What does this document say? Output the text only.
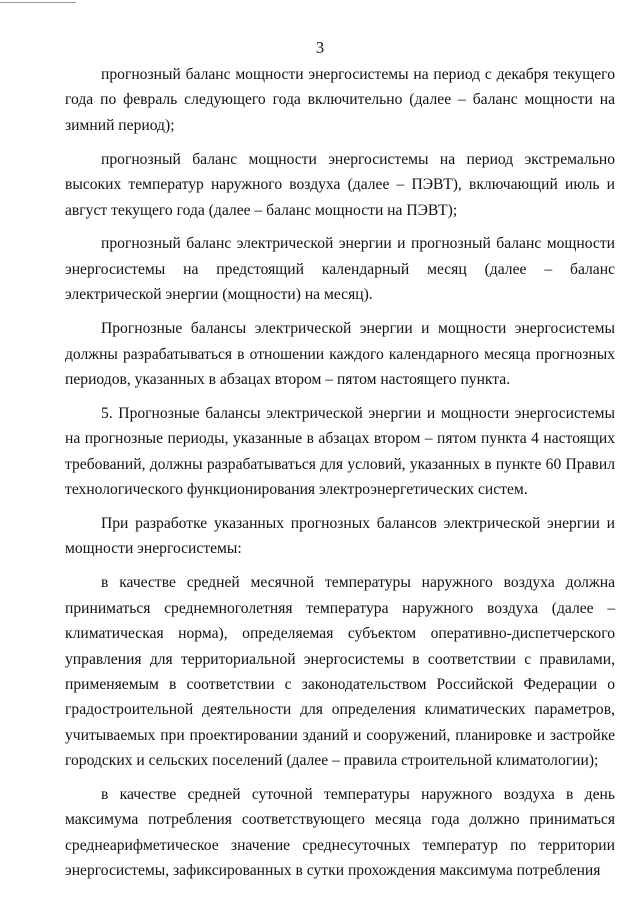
3

прогнозный баланс мощности энергосистемы на период с декабря текущего года по февраль следующего года включительно (далее – баланс мощности на зимний период);

прогнозный баланс мощности энергосистемы на период экстремально высоких температур наружного воздуха (далее – ПЭВТ), включающий июль и август текущего года (далее – баланс мощности на ПЭВТ);

прогнозный баланс электрической энергии и прогнозный баланс мощности энергосистемы на предстоящий календарный месяц (далее – баланс электрической энергии (мощности) на месяц).

Прогнозные балансы электрической энергии и мощности энергосистемы должны разрабатываться в отношении каждого календарного месяца прогнозных периодов, указанных в абзацах втором – пятом настоящего пункта.

5. Прогнозные балансы электрической энергии и мощности энергосистемы на прогнозные периоды, указанные в абзацах втором – пятом пункта 4 настоящих требований, должны разрабатываться для условий, указанных в пункте 60 Правил технологического функционирования электроэнергетических систем.

При разработке указанных прогнозных балансов электрической энергии и мощности энергосистемы:

в качестве средней месячной температуры наружного воздуха должна приниматься среднемноголетняя температура наружного воздуха (далее – климатическая норма), определяемая субъектом оперативно-диспетчерского управления для территориальной энергосистемы в соответствии с правилами, применяемым в соответствии с законодательством Российской Федерации о градостроительной деятельности для определения климатических параметров, учитываемых при проектировании зданий и сооружений, планировке и застройке городских и сельских поселений (далее – правила строительной климатологии);

в качестве средней суточной температуры наружного воздуха в день максимума потребления соответствующего месяца года должно приниматься среднеарифметическое значение среднесуточных температур по территории энергосистемы, зафиксированных в сутки прохождения максимума потребления
